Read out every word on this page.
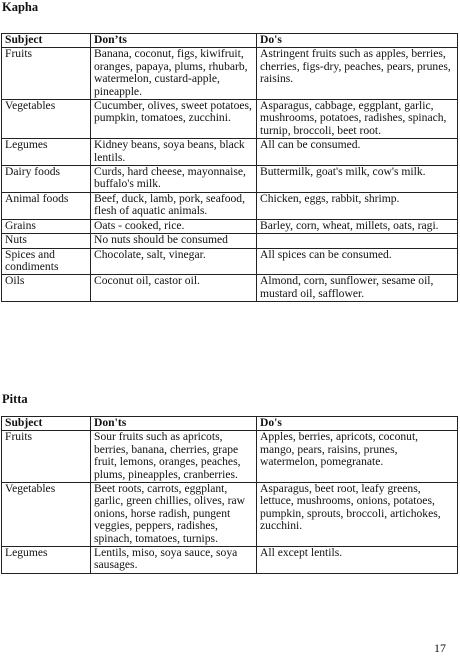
Kapha
Subject	Don’ts	Do's
Fruits	Banana, coconut, figs, kiwifruit, oranges, papaya, plums, rhubarb, watermelon, custard-apple, pineapple.	Astringent fruits such as apples, berries, cherries, figs-dry, peaches, pears, prunes, raisins.
Vegetables	Cucumber, olives, sweet potatoes, pumpkin, tomatoes, zucchini.	Asparagus, cabbage, eggplant, garlic, mushrooms, potatoes, radishes, spinach, turnip, broccoli, beet root.
Legumes	Kidney beans, soya beans, black lentils.	All can be consumed.
Dairy foods	Curds, hard cheese, mayonnaise, buffalo's milk.	Buttermilk, goat's milk, cow's milk.
Animal foods	Beef, duck, lamb, pork, seafood, flesh of aquatic animals.	Chicken, eggs, rabbit, shrimp.
Grains	Oats - cooked, rice.	Barley, corn, wheat, millets, oats, ragi.
Nuts	No nuts should be consumed	
Spices and condiments	Chocolate, salt, vinegar.	All spices can be consumed.
Oils	Coconut oil, castor oil.	Almond, corn, sunflower, sesame oil, mustard oil, safflower.
Pitta
Subject	Don'ts	Do's
Fruits	Sour fruits such as apricots, berries, banana, cherries, grape fruit, lemons, oranges, peaches, plums, pineapples, cranberries.	Apples, berries, apricots, coconut, mango, pears, raisins, prunes, watermelon, pomegranate.
Vegetables	Beet roots, carrots, eggplant, garlic, green chillies, olives, raw onions, horse radish, pungent veggies, peppers, radishes, spinach, tomatoes, turnips.	Asparagus, beet root, leafy greens, lettuce, mushrooms, onions, potatoes, pumpkin, sprouts, broccoli, artichokes, zucchini.
Legumes	Lentils, miso, soya sauce, soya sausages.	All except lentils.
17
